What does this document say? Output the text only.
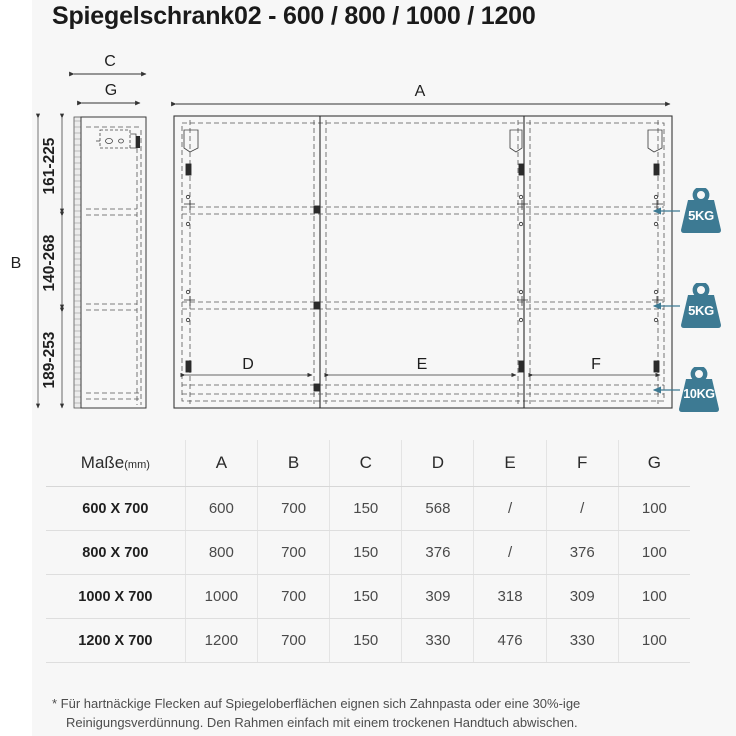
Spiegelschrank02 - 600 / 800 / 1000 / 1200
C
G	A
B
D	E	F
161-225
140-268
189-253
5KG
5KG
10KG
Maße(mm)	A	B	C	D	E	F	G
600 X 700	600	700	150	568	/	/	100
800 X 700	800	700	150	376	/	376	100
1000 X 700	1000	700	150	309	318	309	100
1200 X 700	1200	700	150	330	476	330	100
* Für hartnäckige Flecken auf Spiegeloberflächen eignen sich Zahnpasta oder eine 30%-ige
Reinigungsverdünnung. Den Rahmen einfach mit einem trockenen Handtuch abwischen.
